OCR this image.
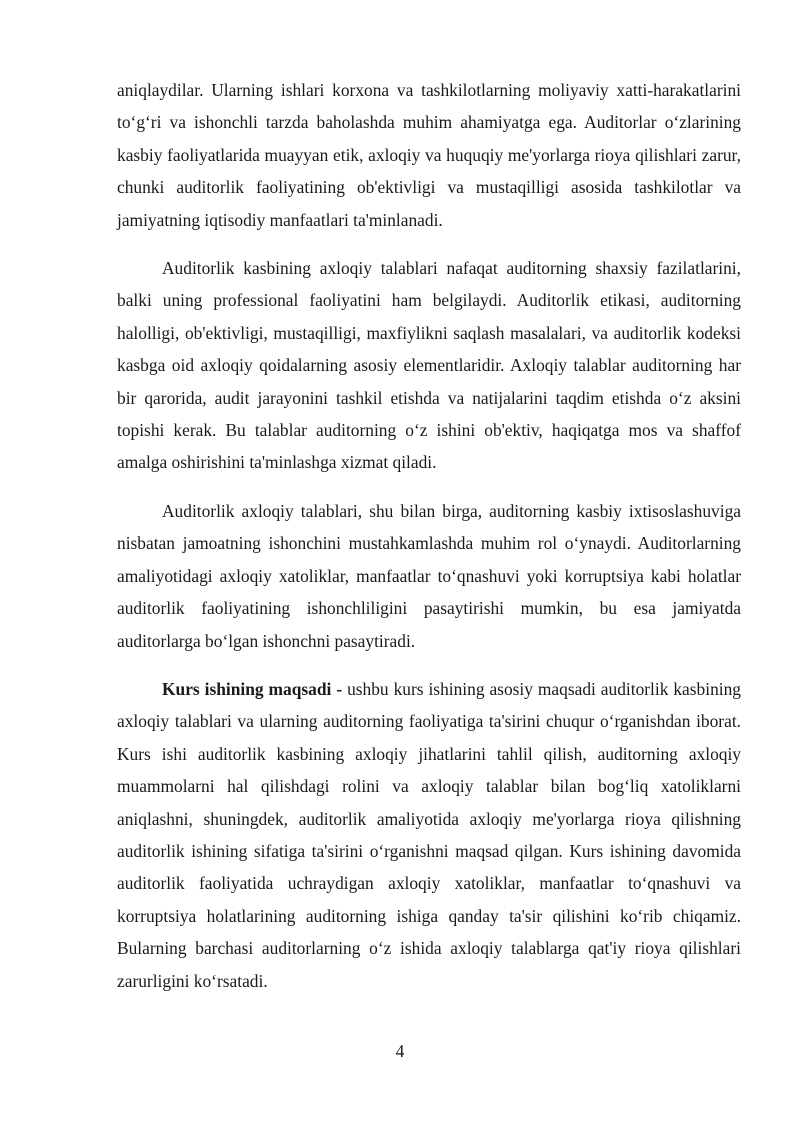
aniqlaydilar. Ularning ishlari korxona va tashkilotlarning moliyaviy xatti-harakatlarini to‘g‘ri va ishonchli tarzda baholashda muhim ahamiyatga ega. Auditorlar o‘zlarining kasbiy faoliyatlarida muayyan etik, axloqiy va huquqiy me'yorlarga rioya qilishlari zarur, chunki auditorlik faoliyatining ob'ektivligi va mustaqilligi asosida tashkilotlar va jamiyatning iqtisodiy manfaatlari ta'minlanadi.

Auditorlik kasbining axloqiy talablari nafaqat auditorning shaxsiy fazilatlarini, balki uning professional faoliyatini ham belgilaydi. Auditorlik etikasi, auditorning halolligi, ob'ektivligi, mustaqilligi, maxfiylikni saqlash masalalari, va auditorlik kodeksi kasbga oid axloqiy qoidalarning asosiy elementlaridir. Axloqiy talablar auditorning har bir qarorida, audit jarayonini tashkil etishda va natijalarini taqdim etishda o‘z aksini topishi kerak. Bu talablar auditorning o‘z ishini ob'ektiv, haqiqatga mos va shaffof amalga oshirishini ta'minlashga xizmat qiladi.

Auditorlik axloqiy talablari, shu bilan birga, auditorning kasbiy ixtisoslashuviga nisbatan jamoatning ishonchini mustahkamlashda muhim rol o‘ynaydi. Auditorlarning amaliyotidagi axloqiy xatoliklar, manfaatlar to‘qnashuvi yoki korruptsiya kabi holatlar auditorlik faoliyatining ishonchliligini pasaytirishi mumkin, bu esa jamiyatda auditorlarga bo‘lgan ishonchni pasaytiradi.

Kurs ishining maqsadi - ushbu kurs ishining asosiy maqsadi auditorlik kasbining axloqiy talablari va ularning auditorning faoliyatiga ta'sirini chuqur o‘rganishdan iborat. Kurs ishi auditorlik kasbining axloqiy jihatlarini tahlil qilish, auditorning axloqiy muammolarni hal qilishdagi rolini va axloqiy talablar bilan bog‘liq xatoliklarni aniqlashni, shuningdek, auditorlik amaliyotida axloqiy me'yorlarga rioya qilishning auditorlik ishining sifatiga ta'sirini o‘rganishni maqsad qilgan. Kurs ishining davomida auditorlik faoliyatida uchraydigan axloqiy xatoliklar, manfaatlar to‘qnashuvi va korruptsiya holatlarining auditorning ishiga qanday ta'sir qilishini ko‘rib chiqamiz. Bularning barchasi auditorlarning o‘z ishida axloqiy talablarga qat'iy rioya qilishlari zarurligini ko‘rsatadi.

4
